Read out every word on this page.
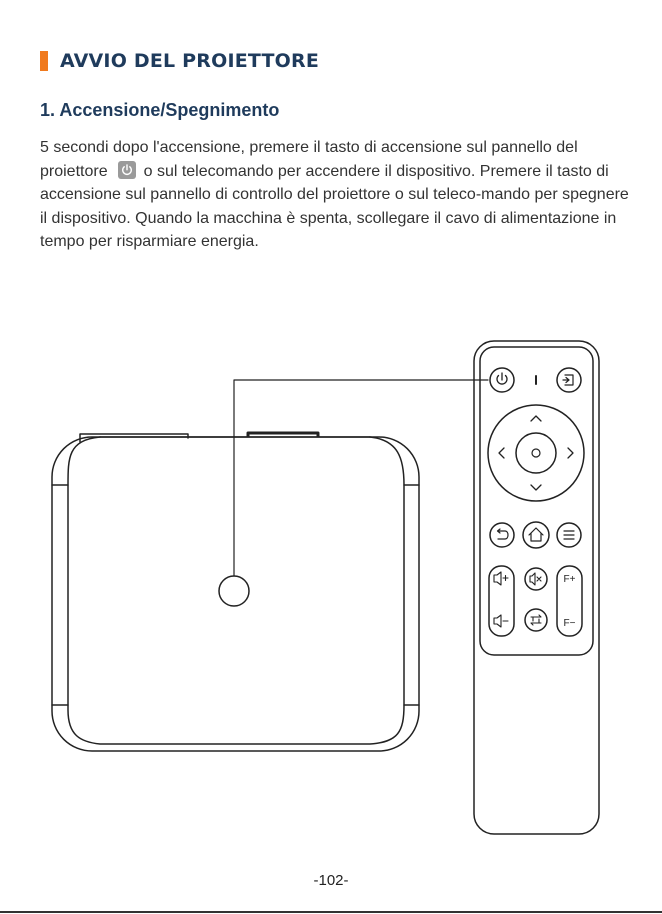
AVVIO DEL PROIETTORE
1. Accensione/Spegnimento

5 secondi dopo l'accensione, premere il tasto di accensione sul pannello del proiettore o sul telecomando per accendere il dispositivo. Premere il tasto di accensione sul pannello di controllo del proiettore o sul teleco-mando per spegnere il dispositivo. Quando la macchina è spenta, scollegare il cavo di alimentazione in tempo per risparmiare energia.

F+
F−
-102-
